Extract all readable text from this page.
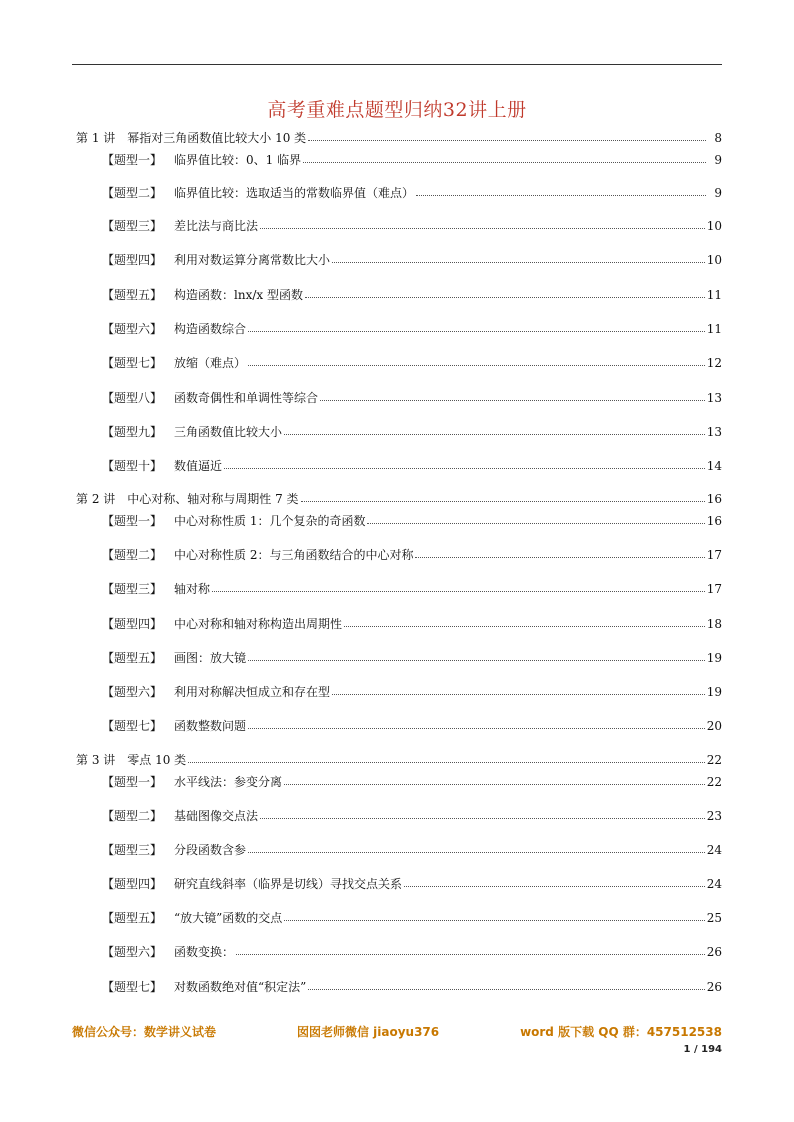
高考重难点题型归纳32讲上册
第 1 讲　幂指对三角函数值比较大小 10 类	8
【题型一】 临界值比较：0、1 临界	9
【题型二】 临界值比较：选取适当的常数临界值（难点）	9
【题型三】 差比法与商比法	10
【题型四】 利用对数运算分离常数比大小	10
【题型五】 构造函数：lnx/x 型函数	11
【题型六】 构造函数综合	11
【题型七】 放缩（难点）	12
【题型八】 函数奇偶性和单调性等综合	13
【题型九】 三角函数值比较大小	13
【题型十】 数值逼近	14
第 2 讲　中心对称、轴对称与周期性 7 类	16
【题型一】 中心对称性质 1：几个复杂的奇函数	16
【题型二】 中心对称性质 2：与三角函数结合的中心对称	17
【题型三】 轴对称	17
【题型四】 中心对称和轴对称构造出周期性	18
【题型五】 画图：放大镜	19
【题型六】 利用对称解决恒成立和存在型	19
【题型七】 函数整数问题	20
第 3 讲　零点 10 类	22
【题型一】 水平线法：参变分离	22
【题型二】 基础图像交点法	23
【题型三】 分段函数含参	24
【题型四】 研究直线斜率（临界是切线）寻找交点关系	24
【题型五】 “放大镜”函数的交点	25
【题型六】 函数变换：	26
【题型七】 对数函数绝对值“积定法”	26
微信公众号：数学讲义试卷	囡囡老师微信 jiaoyu376	word 版下载 QQ 群：457512538
1 / 194
